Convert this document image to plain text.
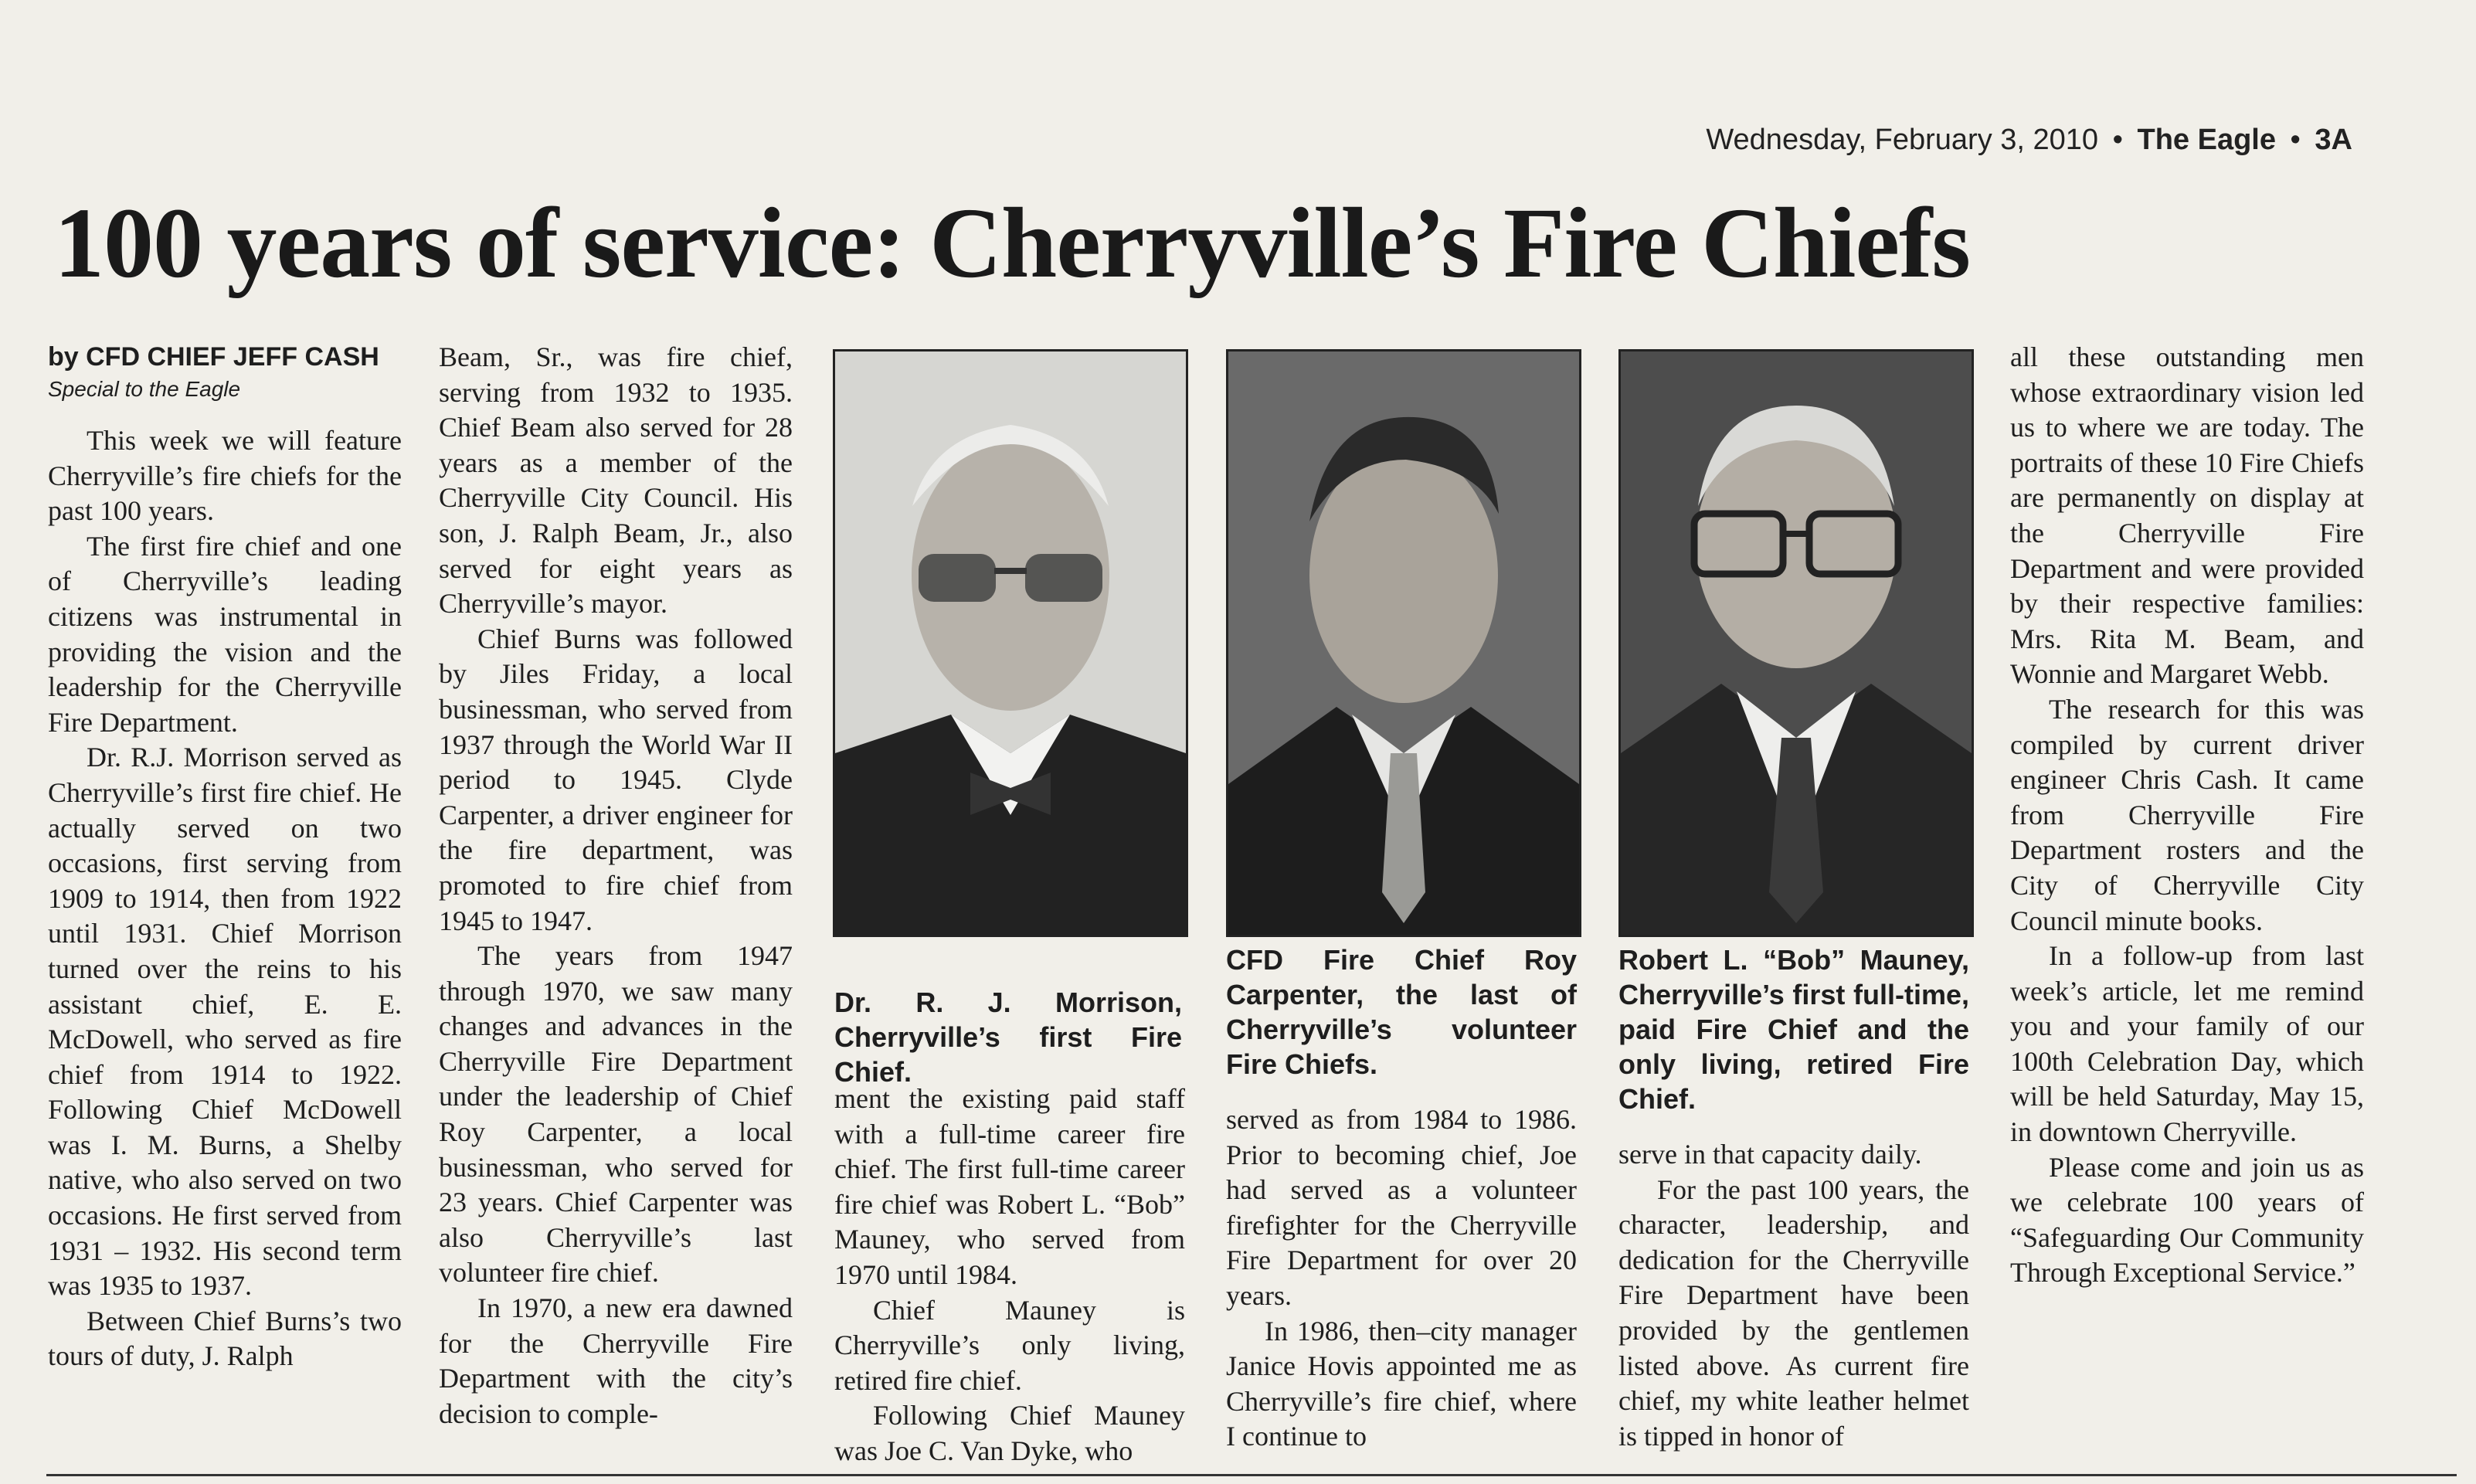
Wednesday, February 3, 2010 • The Eagle • 3A
100 years of service: Cherryville’s Fire Chiefs

by CFD CHIEF JEFF CASH

Special to the Eagle

This week we will feature Cherryville’s fire chiefs for the past 100 years.

The first fire chief and one of Cherryville’s leading citizens was instrumental in providing the vision and the leadership for the Cherryville Fire Department.

Dr. R.J. Morrison served as Cherryville’s first fire chief. He actually served on two occasions, first serving from 1909 to 1914, then from 1922 until 1931. Chief Morrison turned over the reins to his assistant chief, E. E. McDowell, who served as fire chief from 1914 to 1922. Following Chief McDowell was I. M. Burns, a Shelby native, who also served on two occasions. He first served from 1931 – 1932. His second term was 1935 to 1937.

Between Chief Burns’s two tours of duty, J. Ralph

Beam, Sr., was fire chief, serving from 1932 to 1935. Chief Beam also served for 28 years as a member of the Cherryville City Council. His son, J. Ralph Beam, Jr., also served for eight years as Cherryville’s mayor.

Chief Burns was followed by Jiles Friday, a local businessman, who served from 1937 through the World War II period to 1945. Clyde Carpenter, a driver engineer for the fire department, was promoted to fire chief from 1945 to 1947.

The years from 1947 through 1970, we saw many changes and advances in the Cherryville Fire Department under the leadership of Chief Roy Carpenter, a local businessman, who served for 23 years. Chief Carpenter was also Cherryville’s last volunteer fire chief.

In 1970, a new era dawned for the Cherryville Fire Department with the city’s decision to comple-

Dr. R. J. Morrison, Cherryville’s first Fire Chief.
CFD Fire Chief Roy Carpenter, the last of Cherryville’s volunteer Fire Chiefs.
Robert L. “Bob” Mauney, Cherryville’s first full-time, paid Fire Chief and the only living, retired Fire Chief.

ment the existing paid staff with a full-time career fire chief. The first full-time career fire chief was Robert L. “Bob” Mauney, who served from 1970 until 1984.

Chief Mauney is Cherryville’s only living, retired fire chief.

Following Chief Mauney was Joe C. Van Dyke, who

served as from 1984 to 1986. Prior to becoming chief, Joe had served as a volunteer firefighter for the Cherryville Fire Department for over 20 years.

In 1986, then–city manager Janice Hovis appointed me as Cherryville’s fire chief, where I continue to

serve in that capacity daily.

For the past 100 years, the character, leadership, and dedication for the Cherryville Fire Department have been provided by the gentlemen listed above. As current fire chief, my white leather helmet is tipped in honor of

all these outstanding men whose extraordinary vision led us to where we are today. The portraits of these 10 Fire Chiefs are permanently on display at the Cherryville Fire Department and were provided by their respective families: Mrs. Rita M. Beam, and Wonnie and Margaret Webb.

The research for this was compiled by current driver engineer Chris Cash. It came from Cherryville Fire Department rosters and the City of Cherryville City Council minute books.

In a follow-up from last week’s article, let me remind you and your family of our 100th Celebration Day, which will be held Saturday, May 15, in downtown Cherryville.

Please come and join us as we celebrate 100 years of “Safeguarding Our Community Through Exceptional Service.”
